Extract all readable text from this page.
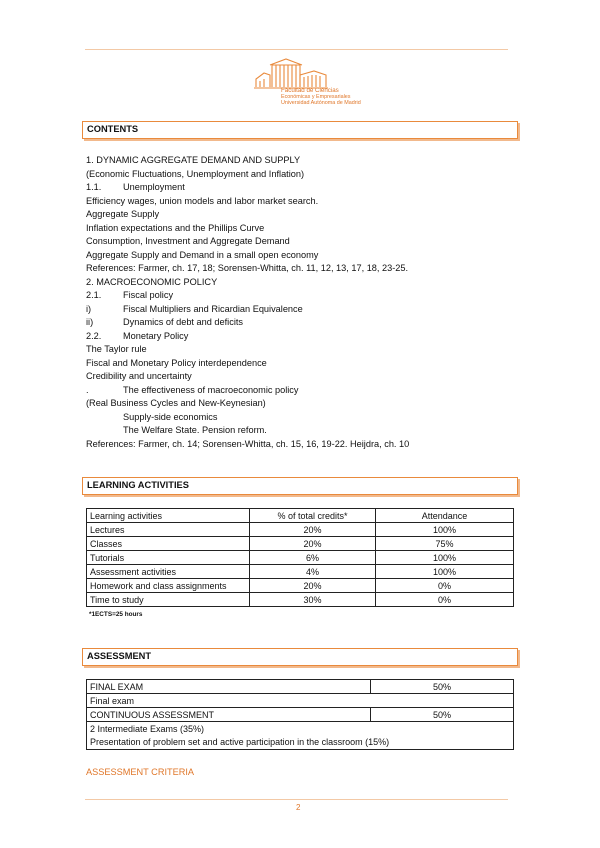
Facultad de Ciencias
Económicas y Empresariales
Universidad Autónoma de Madrid
CONTENTS
1. DYNAMIC AGGREGATE DEMAND AND SUPPLY
(Economic Fluctuations, Unemployment and Inflation)
1.1. Unemployment
Efficiency wages, union models and labor market search.
Aggregate Supply
Inflation expectations and the Phillips Curve
Consumption, Investment and Aggregate Demand
Aggregate Supply and Demand in a small open economy
References: Farmer, ch. 17, 18; Sorensen-Whitta, ch. 11, 12, 13, 17, 18, 23-25.
2. MACROECONOMIC POLICY
2.1. Fiscal policy
i)	Fiscal Multipliers and Ricardian Equivalence
ii)	Dynamics of debt and deficits
2.2. Monetary Policy
The Taylor rule
Fiscal and Monetary Policy interdependence
Credibility and uncertainty
.	The effectiveness of macroeconomic policy
(Real Business Cycles and New-Keynesian)
Supply-side economics
The Welfare State. Pension reform.
References: Farmer, ch. 14; Sorensen-Whitta, ch. 15, 16, 19-22. Heijdra, ch. 10
LEARNING ACTIVITIES
Learning activities	% of total credits*	Attendance
Lectures	20%	100%
Classes	20%	75%
Tutorials	6%	100%
Assessment activities	4%	100%
Homework and class assignments	20%	0%
Time to study	30%	0%
*1ECTS=25 hours
ASSESSMENT
FINAL EXAM	50%
Final exam	
CONTINUOUS ASSESSMENT	50%

2 Intermediate Exams (35%)
Presentation of problem set and active participation in the classroom (15%)	
ASSESSMENT CRITERIA
2
